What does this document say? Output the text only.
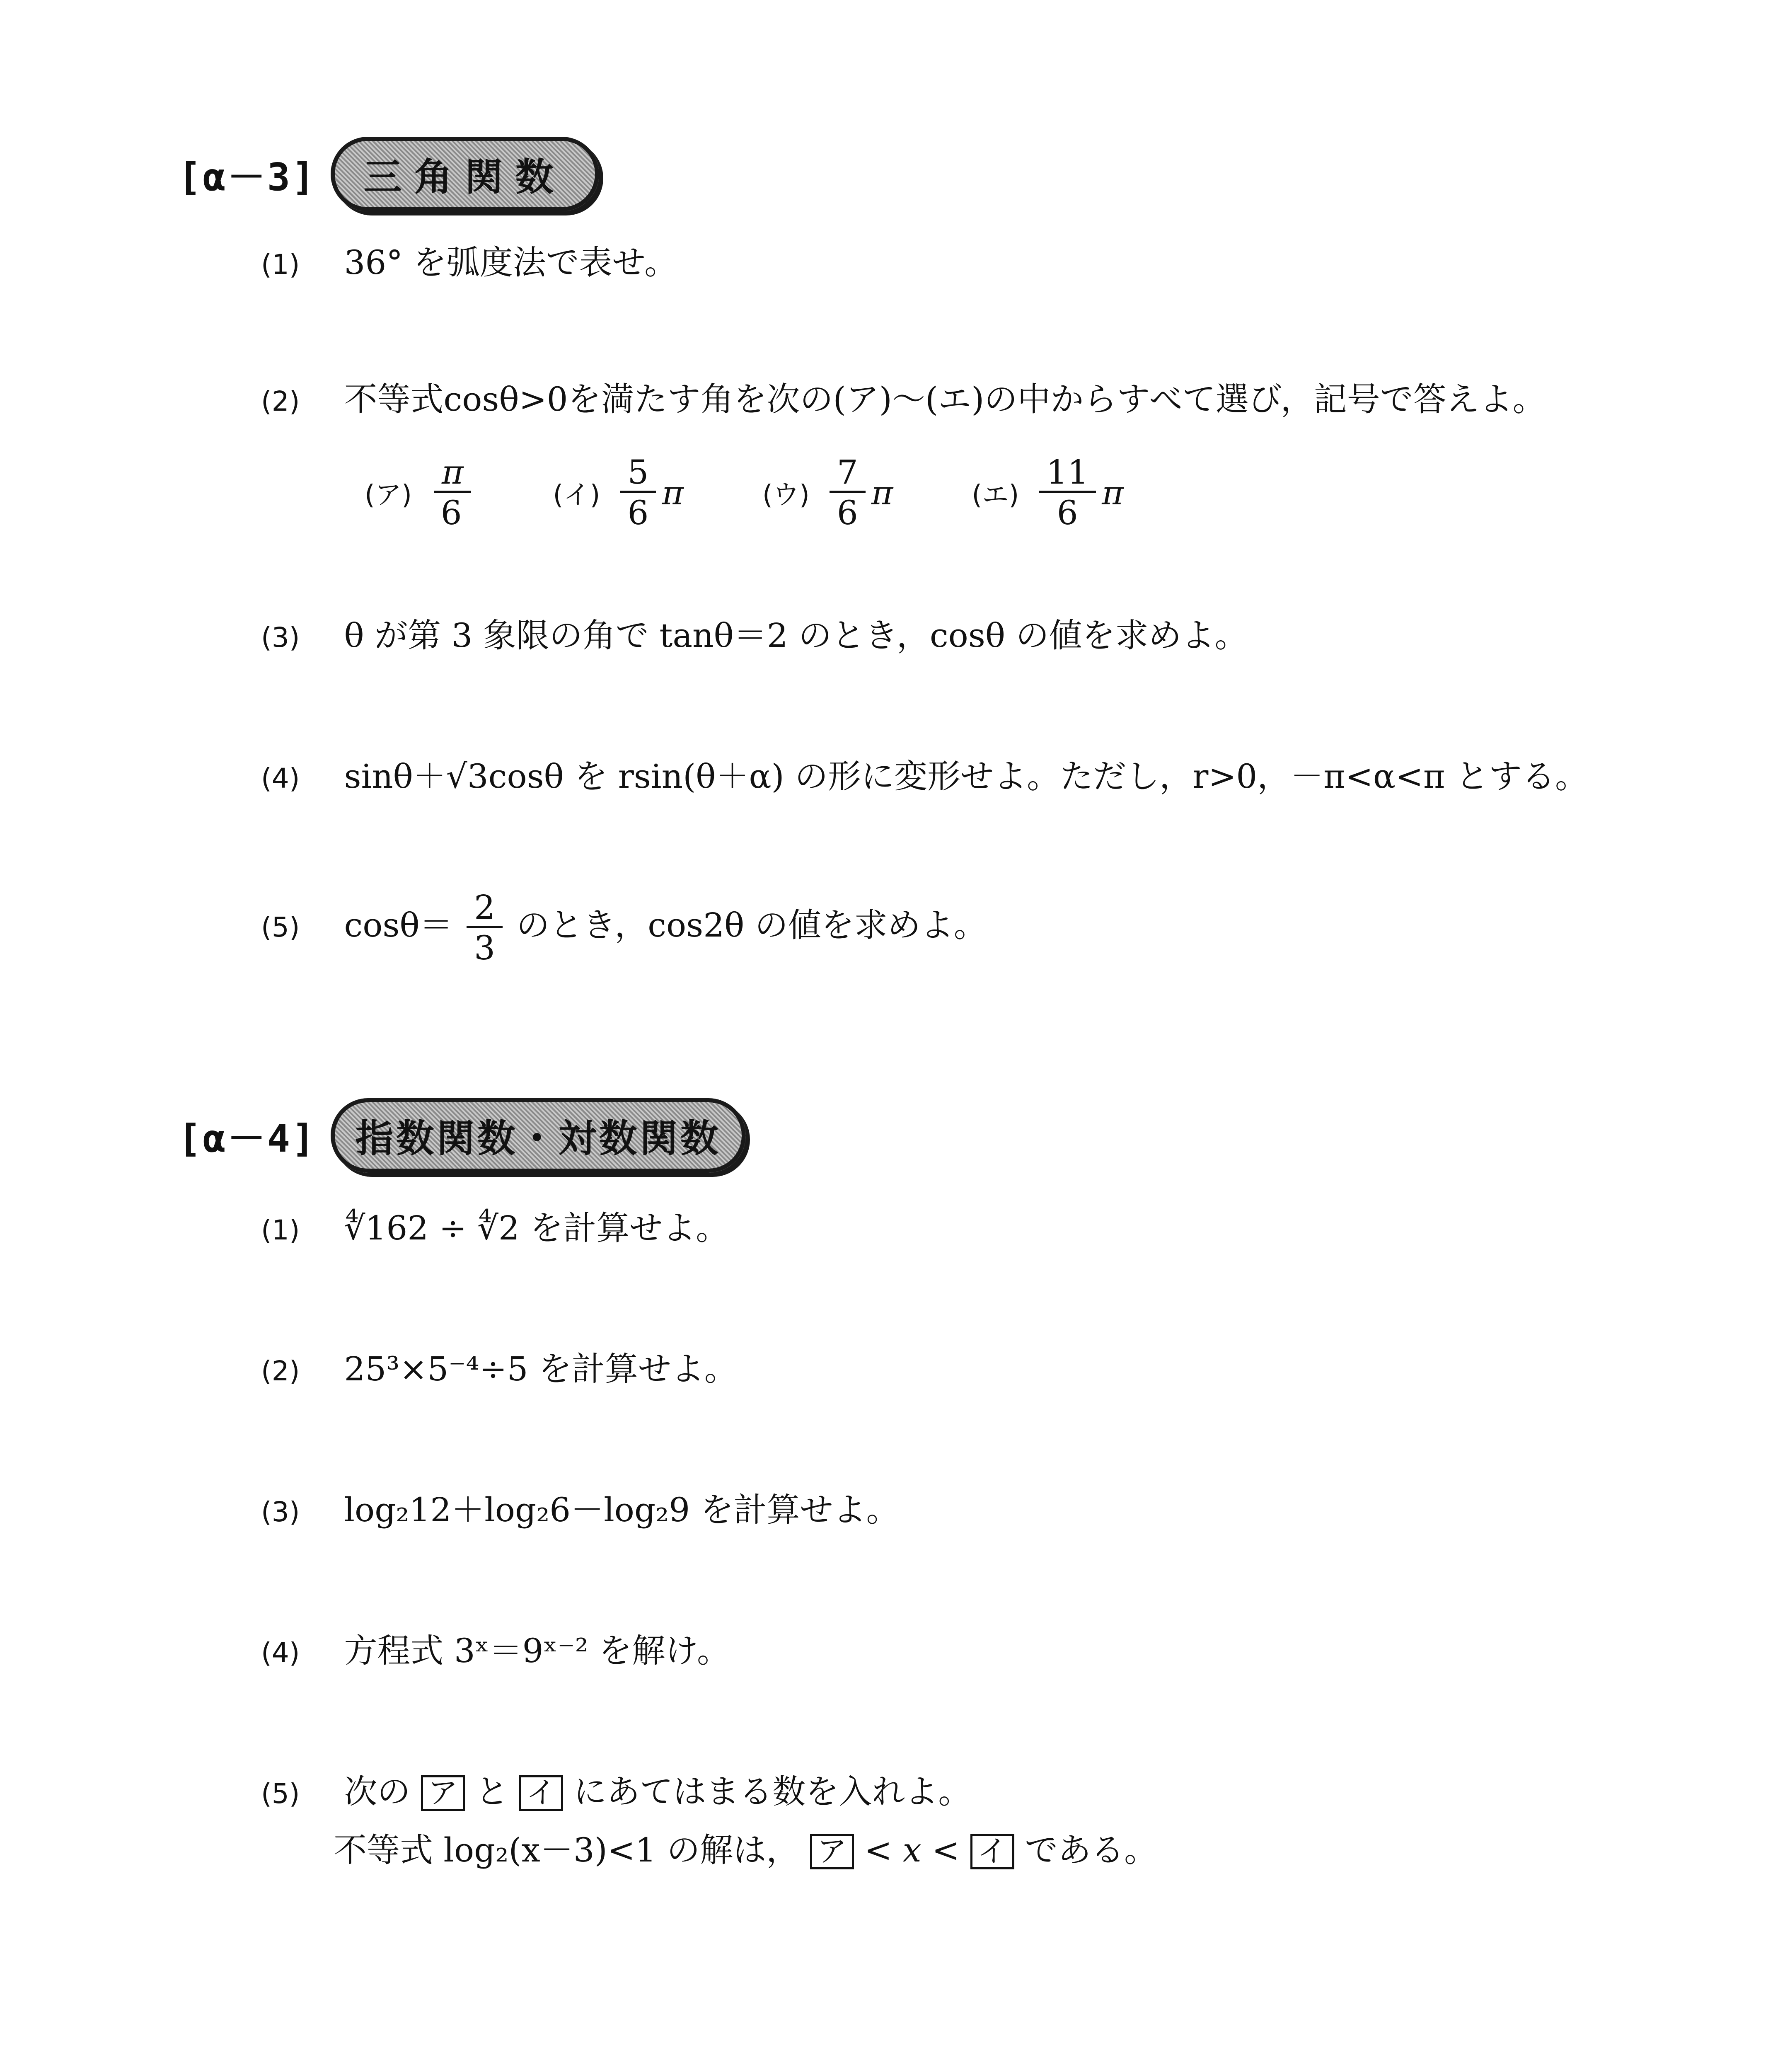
[α－3]	三角関数
(1) 36° を弧度法で表せ。
(2) 不等式cosθ>0を満たす角を次の(ア)～(エ)の中からすべて選び，記号で答えよ。
(ア) $\frac{\pi}{6}$	(イ) $\frac{5}{6}$ π	(ウ) $\frac{7}{6}$ π	(エ) $\frac{11}{6}$ π
(3) θ が第 3 象限の角で tanθ＝2 のとき，cosθ の値を求めよ。
(4) sinθ＋√3cosθ を rsin(θ＋α) の形に変形せよ。ただし，r>0，－π<α<π とする。
(5) $\cos\theta= \frac{2}{3}$ のとき，cos2θ の値を求めよ。
[α－4]	指数関数・対数関数
(1) ∜162 ÷ ∜2 を計算せよ。
(2) 25³×5⁻⁴÷5 を計算せよ。
(3) log₂12＋log₂6－log₂9 を計算せよ。
(4) 方程式 3ˣ＝9ˣ⁻² を解け。
(5) 次の ア と イ にあてはまる数を入れよ。
不等式 log₂(x－3)<1 の解は， ア < x < イ である。
